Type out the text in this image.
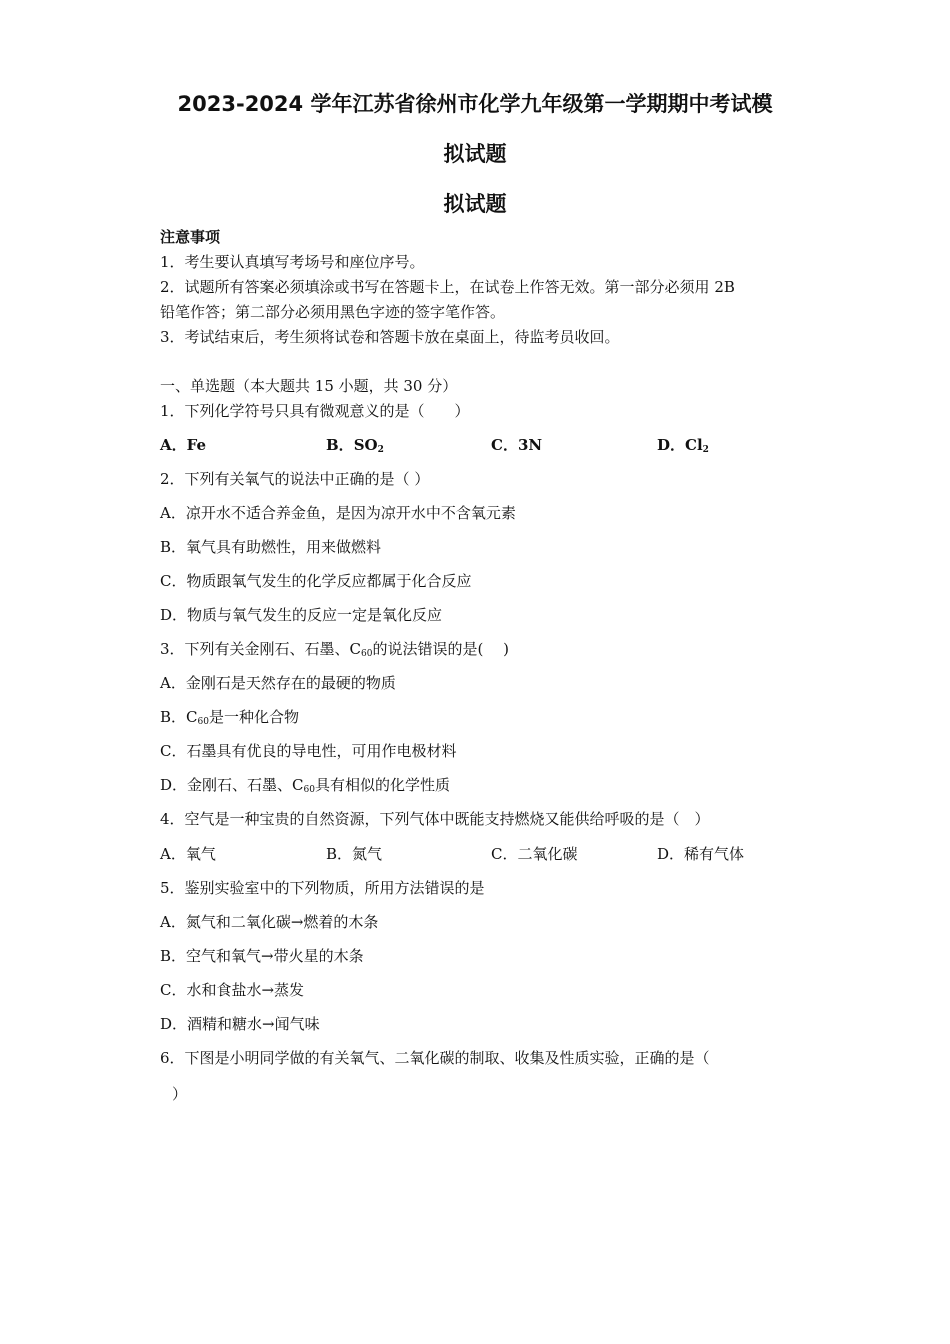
2023-2024 学年江苏省徐州市化学九年级第一学期期中考试模
拟试题
拟试题
注意事项
1．考生要认真填写考场号和座位序号。
2．试题所有答案必须填涂或书写在答题卡上，在试卷上作答无效。第一部分必须用 2B
铅笔作答；第二部分必须用黑色字迹的签字笔作答。
3．考试结束后，考生须将试卷和答题卡放在桌面上，待监考员收回。
一、单选题（本大题共 15 小题，共 30 分）
1．下列化学符号只具有微观意义的是（　　）
A．Fe	B．$SO_2$	C．3N	D．$Cl_2$
2．下列有关氧气的说法中正确的是（ ）
A．凉开水不适合养金鱼，是因为凉开水中不含氧元素
B．氧气具有助燃性，用来做燃料
C．物质跟氧气发生的化学反应都属于化合反应
D．物质与氧气发生的反应一定是氧化反应
3．下列有关金刚石、石墨、$C_{60}$的说法错误的是(　 )
A．金刚石是天然存在的最硬的物质
B．$C_{60}$是一种化合物
C．石墨具有优良的导电性，可用作电极材料
D．金刚石、石墨、$C_{60}$具有相似的化学性质
4．空气是一种宝贵的自然资源，下列气体中既能支持燃烧又能供给呼吸的是（　）
A．氧气	B．氮气	C．二氧化碳	D．稀有气体
5．鉴别实验室中的下列物质，所用方法错误的是
A．氮气和二氧化碳→燃着的木条
B．空气和氧气→带火星的木条
C．水和食盐水→蒸发
D．酒精和糖水→闻气味
6．下图是小明同学做的有关氧气、二氧化碳的制取、收集及性质实验，正确的是（
）
